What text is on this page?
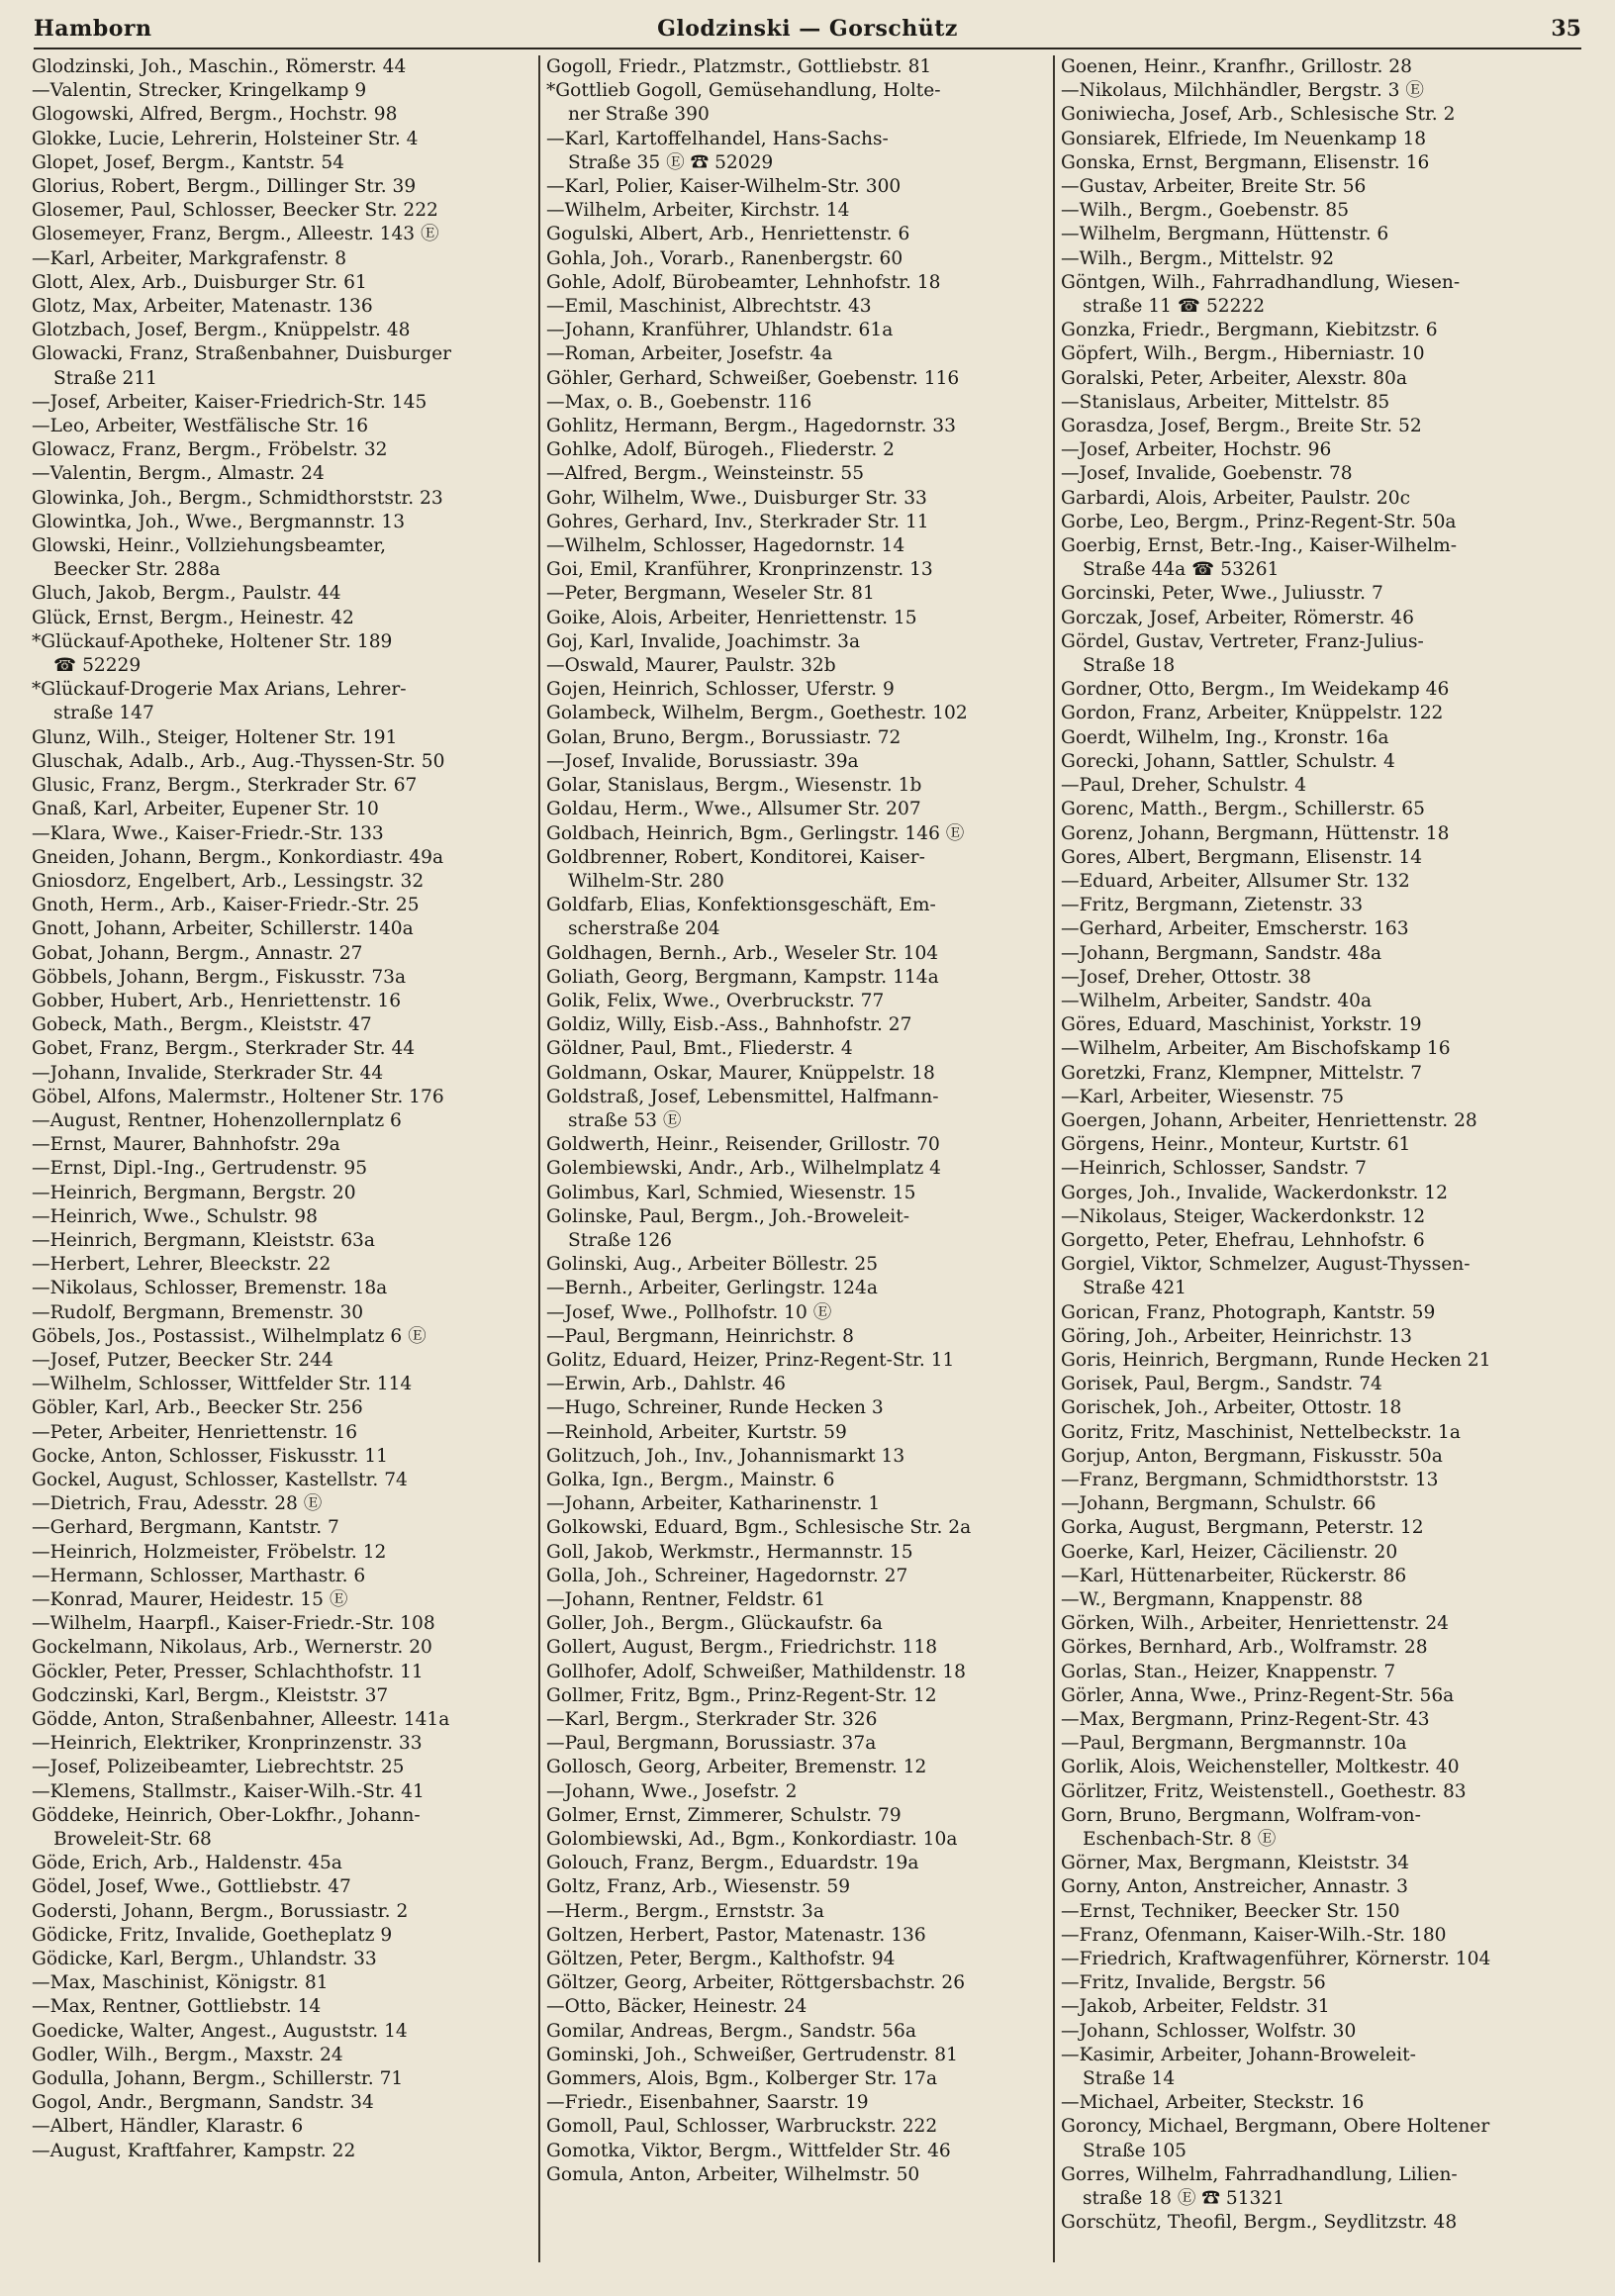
Hamborn	Glodzinski — Gorschütz	35
Glodzinski, Joh., Maschin., Römerstr. 44
—Valentin, Strecker, Kringelkamp 9
Glogowski, Alfred, Bergm., Hochstr. 98
Glokke, Lucie, Lehrerin, Holsteiner Str. 4
Glopet, Josef, Bergm., Kantstr. 54
Glorius, Robert, Bergm., Dillinger Str. 39
Glosemer, Paul, Schlosser, Beecker Str. 222
Glosemeyer, Franz, Bergm., Alleestr. 143 Ⓔ
—Karl, Arbeiter, Markgrafenstr. 8
Glott, Alex, Arb., Duisburger Str. 61
Glotz, Max, Arbeiter, Matenastr. 136
Glotzbach, Josef, Bergm., Knüppelstr. 48
Glowacki, Franz, Straßenbahner, Duisburger
Straße 211
—Josef, Arbeiter, Kaiser-Friedrich-Str. 145
—Leo, Arbeiter, Westfälische Str. 16
Glowacz, Franz, Bergm., Fröbelstr. 32
—Valentin, Bergm., Almastr. 24
Glowinka, Joh., Bergm., Schmidthorststr. 23
Glowintka, Joh., Wwe., Bergmannstr. 13
Glowski, Heinr., Vollziehungsbeamter,
Beecker Str. 288a
Gluch, Jakob, Bergm., Paulstr. 44
Glück, Ernst, Bergm., Heinestr. 42
*Glückauf-Apotheke, Holtener Str. 189
☎ 52229
*Glückauf-Drogerie Max Arians, Lehrer-
straße 147
Glunz, Wilh., Steiger, Holtener Str. 191
Gluschak, Adalb., Arb., Aug.-Thyssen-Str. 50
Glusic, Franz, Bergm., Sterkrader Str. 67
Gnaß, Karl, Arbeiter, Eupener Str. 10
—Klara, Wwe., Kaiser-Friedr.-Str. 133
Gneiden, Johann, Bergm., Konkordiastr. 49a
Gniosdorz, Engelbert, Arb., Lessingstr. 32
Gnoth, Herm., Arb., Kaiser-Friedr.-Str. 25
Gnott, Johann, Arbeiter, Schillerstr. 140a
Gobat, Johann, Bergm., Annastr. 27
Göbbels, Johann, Bergm., Fiskusstr. 73a
Gobber, Hubert, Arb., Henriettenstr. 16
Gobeck, Math., Bergm., Kleiststr. 47
Gobet, Franz, Bergm., Sterkrader Str. 44
—Johann, Invalide, Sterkrader Str. 44
Göbel, Alfons, Malermstr., Holtener Str. 176
—August, Rentner, Hohenzollernplatz 6
—Ernst, Maurer, Bahnhofstr. 29a
—Ernst, Dipl.-Ing., Gertrudenstr. 95
—Heinrich, Bergmann, Bergstr. 20
—Heinrich, Wwe., Schulstr. 98
—Heinrich, Bergmann, Kleiststr. 63a
—Herbert, Lehrer, Bleeckstr. 22
—Nikolaus, Schlosser, Bremenstr. 18a
—Rudolf, Bergmann, Bremenstr. 30
Göbels, Jos., Postassist., Wilhelmplatz 6 Ⓔ
—Josef, Putzer, Beecker Str. 244
—Wilhelm, Schlosser, Wittfelder Str. 114
Göbler, Karl, Arb., Beecker Str. 256
—Peter, Arbeiter, Henriettenstr. 16
Gocke, Anton, Schlosser, Fiskusstr. 11
Gockel, August, Schlosser, Kastellstr. 74
—Dietrich, Frau, Adesstr. 28 Ⓔ
—Gerhard, Bergmann, Kantstr. 7
—Heinrich, Holzmeister, Fröbelstr. 12
—Hermann, Schlosser, Marthastr. 6
—Konrad, Maurer, Heidestr. 15 Ⓔ
—Wilhelm, Haarpfl., Kaiser-Friedr.-Str. 108
Gockelmann, Nikolaus, Arb., Wernerstr. 20
Göckler, Peter, Presser, Schlachthofstr. 11
Godczinski, Karl, Bergm., Kleiststr. 37
Gödde, Anton, Straßenbahner, Alleestr. 141a
—Heinrich, Elektriker, Kronprinzenstr. 33
—Josef, Polizeibeamter, Liebrechtstr. 25
—Klemens, Stallmstr., Kaiser-Wilh.-Str. 41
Göddeke, Heinrich, Ober-Lokfhr., Johann-
Broweleit-Str. 68
Göde, Erich, Arb., Haldenstr. 45a
Gödel, Josef, Wwe., Gottliebstr. 47
Godersti, Johann, Bergm., Borussiastr. 2
Gödicke, Fritz, Invalide, Goetheplatz 9
Gödicke, Karl, Bergm., Uhlandstr. 33
—Max, Maschinist, Königstr. 81
—Max, Rentner, Gottliebstr. 14
Goedicke, Walter, Angest., Auguststr. 14
Godler, Wilh., Bergm., Maxstr. 24
Godulla, Johann, Bergm., Schillerstr. 71
Gogol, Andr., Bergmann, Sandstr. 34
—Albert, Händler, Klarastr. 6
—August, Kraftfahrer, Kampstr. 22
Gogoll, Friedr., Platzmstr., Gottliebstr. 81
*Gottlieb Gogoll, Gemüsehandlung, Holte-
ner Straße 390
—Karl, Kartoffelhandel, Hans-Sachs-
Straße 35 Ⓔ ☎ 52029
—Karl, Polier, Kaiser-Wilhelm-Str. 300
—Wilhelm, Arbeiter, Kirchstr. 14
Gogulski, Albert, Arb., Henriettenstr. 6
Gohla, Joh., Vorarb., Ranenbergstr. 60
Gohle, Adolf, Bürobeamter, Lehnhofstr. 18
—Emil, Maschinist, Albrechtstr. 43
—Johann, Kranführer, Uhlandstr. 61a
—Roman, Arbeiter, Josefstr. 4a
Göhler, Gerhard, Schweißer, Goebenstr. 116
—Max, o. B., Goebenstr. 116
Gohlitz, Hermann, Bergm., Hagedornstr. 33
Gohlke, Adolf, Bürogeh., Fliederstr. 2
—Alfred, Bergm., Weinsteinstr. 55
Gohr, Wilhelm, Wwe., Duisburger Str. 33
Gohres, Gerhard, Inv., Sterkrader Str. 11
—Wilhelm, Schlosser, Hagedornstr. 14
Goi, Emil, Kranführer, Kronprinzenstr. 13
—Peter, Bergmann, Weseler Str. 81
Goike, Alois, Arbeiter, Henriettenstr. 15
Goj, Karl, Invalide, Joachimstr. 3a
—Oswald, Maurer, Paulstr. 32b
Gojen, Heinrich, Schlosser, Uferstr. 9
Golambeck, Wilhelm, Bergm., Goethestr. 102
Golan, Bruno, Bergm., Borussiastr. 72
—Josef, Invalide, Borussiastr. 39a
Golar, Stanislaus, Bergm., Wiesenstr. 1b
Goldau, Herm., Wwe., Allsumer Str. 207
Goldbach, Heinrich, Bgm., Gerlingstr. 146 Ⓔ
Goldbrenner, Robert, Konditorei, Kaiser-
Wilhelm-Str. 280
Goldfarb, Elias, Konfektionsgeschäft, Em-
scherstraße 204
Goldhagen, Bernh., Arb., Weseler Str. 104
Goliath, Georg, Bergmann, Kampstr. 114a
Golik, Felix, Wwe., Overbruckstr. 77
Goldiz, Willy, Eisb.-Ass., Bahnhofstr. 27
Göldner, Paul, Bmt., Fliederstr. 4
Goldmann, Oskar, Maurer, Knüppelstr. 18
Goldstraß, Josef, Lebensmittel, Halfmann-
straße 53 Ⓔ
Goldwerth, Heinr., Reisender, Grillostr. 70
Golembiewski, Andr., Arb., Wilhelmplatz 4
Golimbus, Karl, Schmied, Wiesenstr. 15
Golinske, Paul, Bergm., Joh.-Broweleit-
Straße 126
Golinski, Aug., Arbeiter Böllestr. 25
—Bernh., Arbeiter, Gerlingstr. 124a
—Josef, Wwe., Pollhofstr. 10 Ⓔ
—Paul, Bergmann, Heinrichstr. 8
Golitz, Eduard, Heizer, Prinz-Regent-Str. 11
—Erwin, Arb., Dahlstr. 46
—Hugo, Schreiner, Runde Hecken 3
—Reinhold, Arbeiter, Kurtstr. 59
Golitzuch, Joh., Inv., Johannismarkt 13
Golka, Ign., Bergm., Mainstr. 6
—Johann, Arbeiter, Katharinenstr. 1
Golkowski, Eduard, Bgm., Schlesische Str. 2a
Goll, Jakob, Werkmstr., Hermannstr. 15
Golla, Joh., Schreiner, Hagedornstr. 27
—Johann, Rentner, Feldstr. 61
Goller, Joh., Bergm., Glückaufstr. 6a
Gollert, August, Bergm., Friedrichstr. 118
Gollhofer, Adolf, Schweißer, Mathildenstr. 18
Gollmer, Fritz, Bgm., Prinz-Regent-Str. 12
—Karl, Bergm., Sterkrader Str. 326
—Paul, Bergmann, Borussiastr. 37a
Gollosch, Georg, Arbeiter, Bremenstr. 12
—Johann, Wwe., Josefstr. 2
Golmer, Ernst, Zimmerer, Schulstr. 79
Golombiewski, Ad., Bgm., Konkordiastr. 10a
Golouch, Franz, Bergm., Eduardstr. 19a
Goltz, Franz, Arb., Wiesenstr. 59
—Herm., Bergm., Ernststr. 3a
Goltzen, Herbert, Pastor, Matenastr. 136
Göltzen, Peter, Bergm., Kalthofstr. 94
Göltzer, Georg, Arbeiter, Röttgersbachstr. 26
—Otto, Bäcker, Heinestr. 24
Gomilar, Andreas, Bergm., Sandstr. 56a
Gominski, Joh., Schweißer, Gertrudenstr. 81
Gommers, Alois, Bgm., Kolberger Str. 17a
—Friedr., Eisenbahner, Saarstr. 19
Gomoll, Paul, Schlosser, Warbruckstr. 222
Gomotka, Viktor, Bergm., Wittfelder Str. 46
Gomula, Anton, Arbeiter, Wilhelmstr. 50
Goenen, Heinr., Kranfhr., Grillostr. 28
—Nikolaus, Milchhändler, Bergstr. 3 Ⓔ
Goniwiecha, Josef, Arb., Schlesische Str. 2
Gonsiarek, Elfriede, Im Neuenkamp 18
Gonska, Ernst, Bergmann, Elisenstr. 16
—Gustav, Arbeiter, Breite Str. 56
—Wilh., Bergm., Goebenstr. 85
—Wilhelm, Bergmann, Hüttenstr. 6
—Wilh., Bergm., Mittelstr. 92
Göntgen, Wilh., Fahrradhandlung, Wiesen-
straße 11 ☎ 52222
Gonzka, Friedr., Bergmann, Kiebitzstr. 6
Göpfert, Wilh., Bergm., Hiberniastr. 10
Goralski, Peter, Arbeiter, Alexstr. 80a
—Stanislaus, Arbeiter, Mittelstr. 85
Gorasdza, Josef, Bergm., Breite Str. 52
—Josef, Arbeiter, Hochstr. 96
—Josef, Invalide, Goebenstr. 78
Garbardi, Alois, Arbeiter, Paulstr. 20c
Gorbe, Leo, Bergm., Prinz-Regent-Str. 50a
Goerbig, Ernst, Betr.-Ing., Kaiser-Wilhelm-
Straße 44a ☎ 53261
Gorcinski, Peter, Wwe., Juliusstr. 7
Gorczak, Josef, Arbeiter, Römerstr. 46
Gördel, Gustav, Vertreter, Franz-Julius-
Straße 18
Gordner, Otto, Bergm., Im Weidekamp 46
Gordon, Franz, Arbeiter, Knüppelstr. 122
Goerdt, Wilhelm, Ing., Kronstr. 16a
Gorecki, Johann, Sattler, Schulstr. 4
—Paul, Dreher, Schulstr. 4
Gorenc, Matth., Bergm., Schillerstr. 65
Gorenz, Johann, Bergmann, Hüttenstr. 18
Gores, Albert, Bergmann, Elisenstr. 14
—Eduard, Arbeiter, Allsumer Str. 132
—Fritz, Bergmann, Zietenstr. 33
—Gerhard, Arbeiter, Emscherstr. 163
—Johann, Bergmann, Sandstr. 48a
—Josef, Dreher, Ottostr. 38
—Wilhelm, Arbeiter, Sandstr. 40a
Göres, Eduard, Maschinist, Yorkstr. 19
—Wilhelm, Arbeiter, Am Bischofskamp 16
Goretzki, Franz, Klempner, Mittelstr. 7
—Karl, Arbeiter, Wiesenstr. 75
Goergen, Johann, Arbeiter, Henriettenstr. 28
Görgens, Heinr., Monteur, Kurtstr. 61
—Heinrich, Schlosser, Sandstr. 7
Gorges, Joh., Invalide, Wackerdonkstr. 12
—Nikolaus, Steiger, Wackerdonkstr. 12
Gorgetto, Peter, Ehefrau, Lehnhofstr. 6
Gorgiel, Viktor, Schmelzer, August-Thyssen-
Straße 421
Gorican, Franz, Photograph, Kantstr. 59
Göring, Joh., Arbeiter, Heinrichstr. 13
Goris, Heinrich, Bergmann, Runde Hecken 21
Gorisek, Paul, Bergm., Sandstr. 74
Gorischek, Joh., Arbeiter, Ottostr. 18
Goritz, Fritz, Maschinist, Nettelbeckstr. 1a
Gorjup, Anton, Bergmann, Fiskusstr. 50a
—Franz, Bergmann, Schmidthorststr. 13
—Johann, Bergmann, Schulstr. 66
Gorka, August, Bergmann, Peterstr. 12
Goerke, Karl, Heizer, Cäcilienstr. 20
—Karl, Hüttenarbeiter, Rückerstr. 86
—W., Bergmann, Knappenstr. 88
Görken, Wilh., Arbeiter, Henriettenstr. 24
Görkes, Bernhard, Arb., Wolframstr. 28
Gorlas, Stan., Heizer, Knappenstr. 7
Görler, Anna, Wwe., Prinz-Regent-Str. 56a
—Max, Bergmann, Prinz-Regent-Str. 43
—Paul, Bergmann, Bergmannstr. 10a
Gorlik, Alois, Weichensteller, Moltkestr. 40
Görlitzer, Fritz, Weistenstell., Goethestr. 83
Gorn, Bruno, Bergmann, Wolfram-von-
Eschenbach-Str. 8 Ⓔ
Görner, Max, Bergmann, Kleiststr. 34
Gorny, Anton, Anstreicher, Annastr. 3
—Ernst, Techniker, Beecker Str. 150
—Franz, Ofenmann, Kaiser-Wilh.-Str. 180
—Friedrich, Kraftwagenführer, Körnerstr. 104
—Fritz, Invalide, Bergstr. 56
—Jakob, Arbeiter, Feldstr. 31
—Johann, Schlosser, Wolfstr. 30
—Kasimir, Arbeiter, Johann-Broweleit-
Straße 14
—Michael, Arbeiter, Steckstr. 16
Goroncy, Michael, Bergmann, Obere Holtener
Straße 105
Gorres, Wilhelm, Fahrradhandlung, Lilien-
straße 18 Ⓔ ☎ 51321
Gorschütz, Theofil, Bergm., Seydlitzstr. 48
